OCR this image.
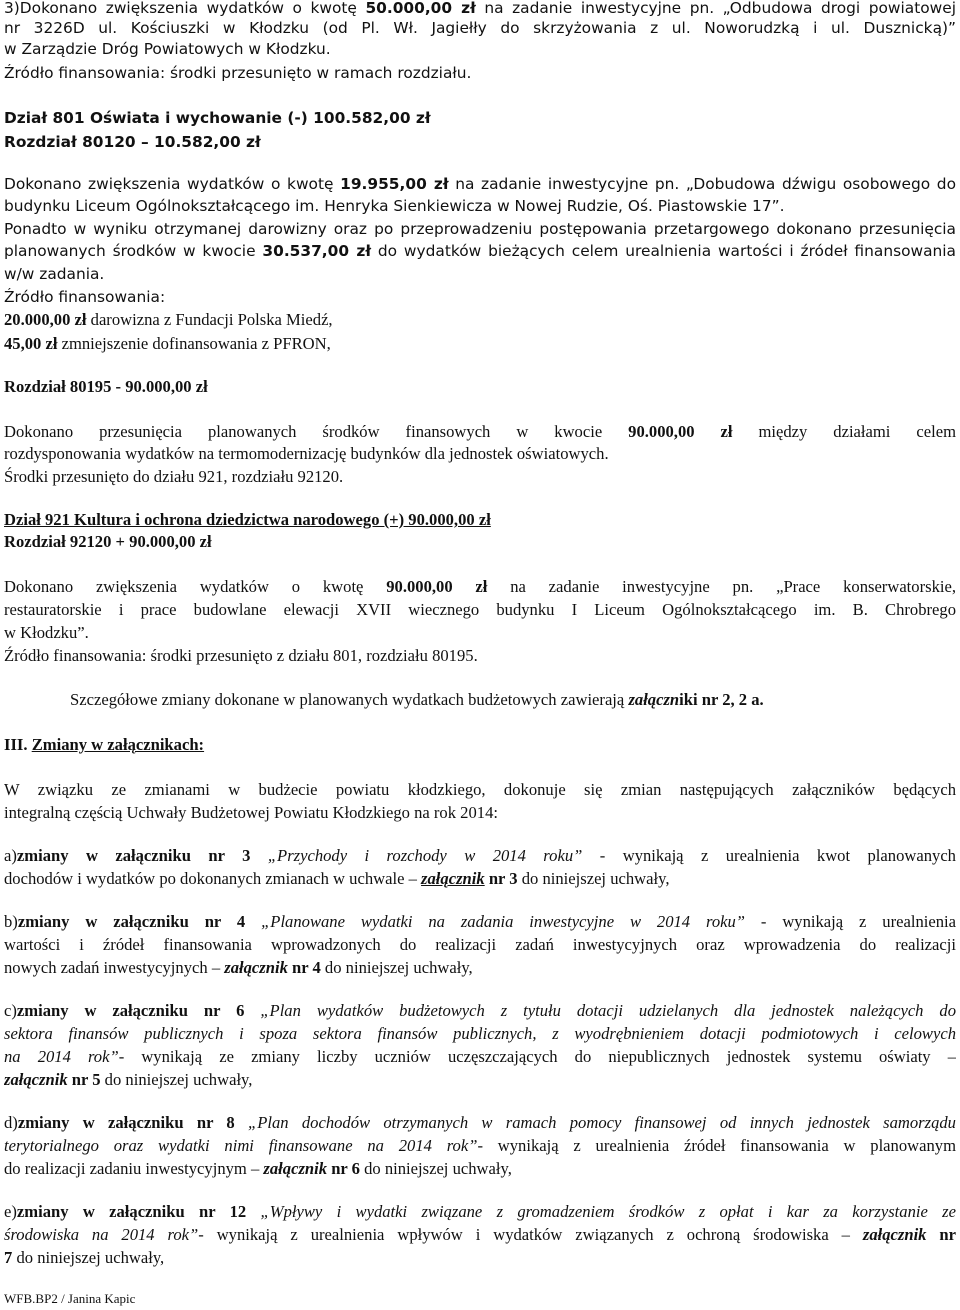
3)Dokonano zwiększenia wydatków o kwotę 50.000,00 zł na zadanie inwestycyjne pn. „Odbudowa drogi powiatowej
nr 3226D ul. Kościuszki w Kłodzku (od Pl. Wł. Jagiełły do skrzyżowania z ul. Noworudzką i ul. Dusznicką)”
w Zarządzie Dróg Powiatowych w Kłodzku.
Źródło finansowania: środki przesunięto w ramach rozdziału.
Dział 801 Oświata i wychowanie (-) 100.582,00 zł
Rozdział 80120 – 10.582,00 zł
Dokonano zwiększenia wydatków o kwotę 19.955,00 zł na zadanie inwestycyjne pn. „Dobudowa dźwigu osobowego do
budynku Liceum Ogólnokształcącego im. Henryka Sienkiewicza w Nowej Rudzie, Oś. Piastowskie 17”.
Ponadto w wyniku otrzymanej darowizny oraz po przeprowadzeniu postępowania przetargowego dokonano przesunięcia
planowanych środków w kwocie 30.537,00 zł do wydatków bieżących celem urealnienia wartości i źródeł finansowania
w/w zadania.
Źródło finansowania:
20.000,00 zł darowizna z Fundacji Polska Miedź,
45,00 zł zmniejszenie dofinansowania z PFRON,
Rozdział 80195 - 90.000,00 zł
Dokonano przesunięcia planowanych środków finansowych w kwocie 90.000,00 zł między działami celem
rozdysponowania wydatków na termomodernizację budynków dla jednostek oświatowych.
Środki przesunięto do działu 921, rozdziału 92120.
Dział 921 Kultura i ochrona dziedzictwa narodowego (+) 90.000,00 zł
Rozdział 92120 + 90.000,00 zł
Dokonano zwiększenia wydatków o kwotę 90.000,00 zł na zadanie inwestycyjne pn. „Prace konserwatorskie,
restauratorskie i prace budowlane elewacji XVII wiecznego budynku I Liceum Ogólnokształcącego im. B. Chrobrego
w Kłodzku”.
Źródło finansowania: środki przesunięto z działu 801, rozdziału 80195.
Szczegółowe zmiany dokonane w planowanych wydatkach budżetowych zawierają załączniki nr 2, 2 a.
III. Zmiany w załącznikach:
W związku ze zmianami w budżecie powiatu kłodzkiego, dokonuje się zmian następujących załączników będących
integralną częścią Uchwały Budżetowej Powiatu Kłodzkiego na rok 2014:
a)zmiany w załączniku nr 3 „Przychody i rozchody w 2014 roku” - wynikają z urealnienia kwot planowanych
dochodów i wydatków po dokonanych zmianach w uchwale – załącznik nr 3 do niniejszej uchwały,
b)zmiany w załączniku nr 4 „Planowane wydatki na zadania inwestycyjne w 2014 roku” - wynikają z urealnienia
wartości i źródeł finansowania wprowadzonych do realizacji zadań inwestycyjnych oraz wprowadzenia do realizacji
nowych zadań inwestycyjnych – załącznik nr 4 do niniejszej uchwały,
c)zmiany w załączniku nr 6 „Plan wydatków budżetowych z tytułu dotacji udzielanych dla jednostek należących do
sektora finansów publicznych i spoza sektora finansów publicznych, z wyodrębnieniem dotacji podmiotowych i celowych
na 2014 rok”- wynikają ze zmiany liczby uczniów uczęszczających do niepublicznych jednostek systemu oświaty –
załącznik nr 5 do niniejszej uchwały,
d)zmiany w załączniku nr 8 „Plan dochodów otrzymanych w ramach pomocy finansowej od innych jednostek samorządu
terytorialnego oraz wydatki nimi finansowane na 2014 rok”- wynikają z urealnienia źródeł finansowania w planowanym
do realizacji zadaniu inwestycyjnym – załącznik nr 6 do niniejszej uchwały,
e)zmiany w załączniku nr 12 „Wpływy i wydatki związane z gromadzeniem środków z opłat i kar za korzystanie ze
środowiska na 2014 rok”- wynikają z urealnienia wpływów i wydatków związanych z ochroną środowiska – załącznik nr
7 do niniejszej uchwały,
WFB.BP2 / Janina Kapic
